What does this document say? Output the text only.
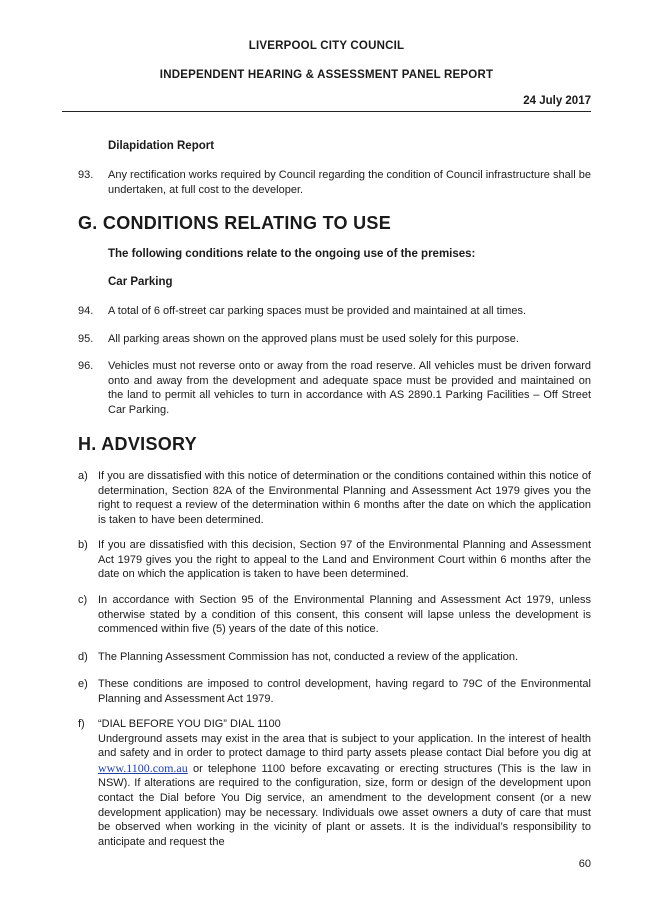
LIVERPOOL CITY COUNCIL
INDEPENDENT HEARING & ASSESSMENT PANEL REPORT
24 July 2017
Dilapidation Report
93. Any rectification works required by Council regarding the condition of Council infrastructure shall be undertaken, at full cost to the developer.
G. CONDITIONS RELATING TO USE
The following conditions relate to the ongoing use of the premises:
Car Parking
94. A total of 6 off-street car parking spaces must be provided and maintained at all times.
95. All parking areas shown on the approved plans must be used solely for this purpose.
96. Vehicles must not reverse onto or away from the road reserve. All vehicles must be driven forward onto and away from the development and adequate space must be provided and maintained on the land to permit all vehicles to turn in accordance with AS 2890.1 Parking Facilities – Off Street Car Parking.
H. ADVISORY
a) If you are dissatisfied with this notice of determination or the conditions contained within this notice of determination, Section 82A of the Environmental Planning and Assessment Act 1979 gives you the right to request a review of the determination within 6 months after the date on which the application is taken to have been determined.
b) If you are dissatisfied with this decision, Section 97 of the Environmental Planning and Assessment Act 1979 gives you the right to appeal to the Land and Environment Court within 6 months after the date on which the application is taken to have been determined.
c) In accordance with Section 95 of the Environmental Planning and Assessment Act 1979, unless otherwise stated by a condition of this consent, this consent will lapse unless the development is commenced within five (5) years of the date of this notice.
d) The Planning Assessment Commission has not, conducted a review of the application.
e) These conditions are imposed to control development, having regard to 79C of the Environmental Planning and Assessment Act 1979.
f) “DIAL BEFORE YOU DIG” DIAL 1100
Underground assets may exist in the area that is subject to your application. In the interest of health and safety and in order to protect damage to third party assets please contact Dial before you dig at www.1100.com.au or telephone 1100 before excavating or erecting structures (This is the law in NSW). If alterations are required to the configuration, size, form or design of the development upon contact the Dial before You Dig service, an amendment to the development consent (or a new development application) may be necessary. Individuals owe asset owners a duty of care that must be observed when working in the vicinity of plant or assets. It is the individual’s responsibility to anticipate and request the
60
